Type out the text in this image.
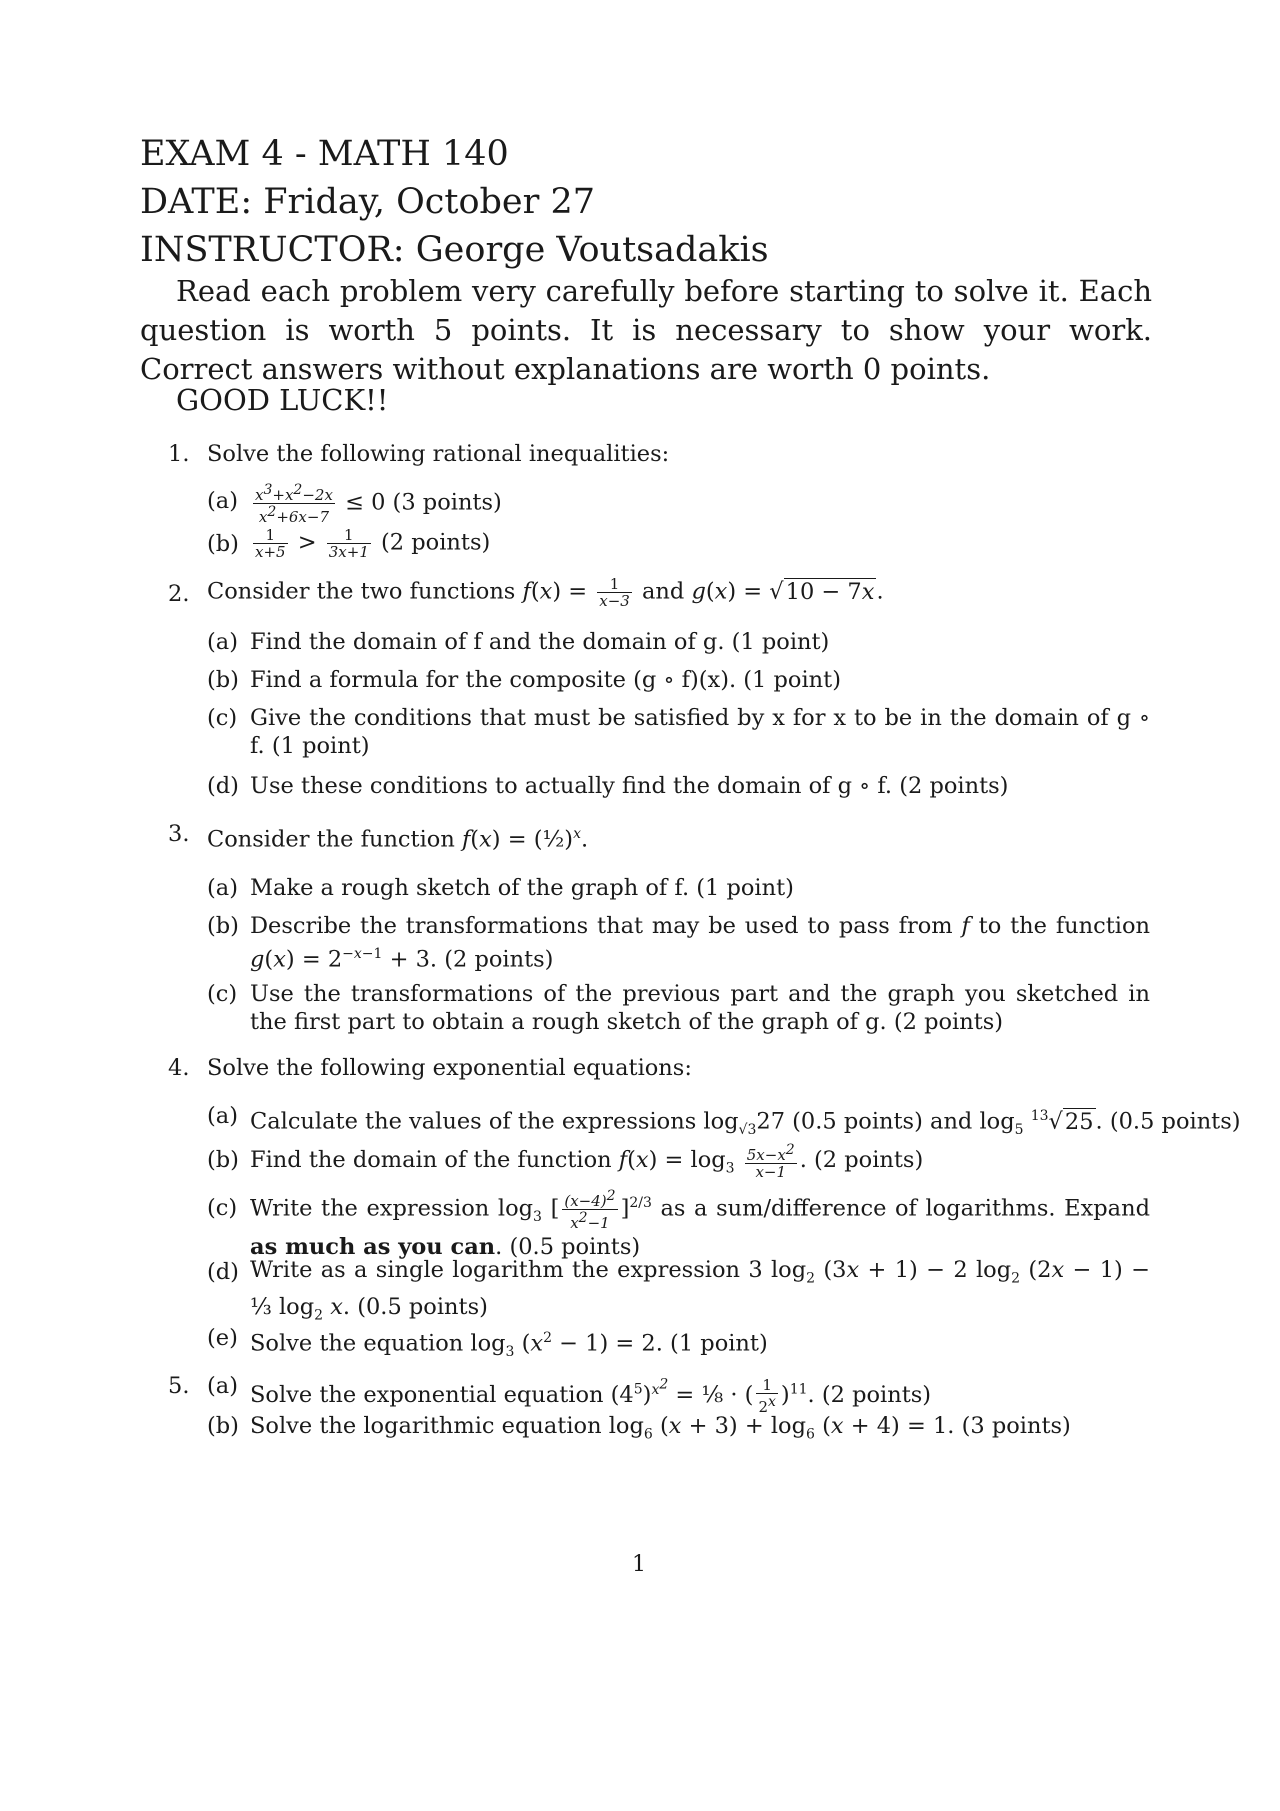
EXAM 4 - MATH 140
DATE: Friday, October 27
INSTRUCTOR: George Voutsadakis
Read each problem very carefully before starting to solve it. Each question is worth 5 points. It is necessary to show your work. Correct answers without explanations are worth 0 points.
GOOD LUCK!!
1. Solve the following rational inequalities:
$(a) \frac{x^3+x^2-2x}{x^2+6x-7} \le 0$ (3 points)
$(b) \frac{1}{x+5} > \frac{1}{3x+1} (2$ points)
2. Consider the two functions $f(x) = \frac{1}{x-3}$ and g(x) = √10 − 7x.
(a) Find the domain of f and the domain of g. (1 point)
(b) Find a formula for the composite (g ∘ f)(x). (1 point)
(c) Give the conditions that must be satisfied by x for x to be in the domain of g ∘ f. (1 point)
(d) Use these conditions to actually find the domain of g ∘ f. (2 points)
3. Consider the function f(x) = (½)$^x$.
(a) Make a rough sketch of the graph of f. (1 point)
(b) Describe the transformations that may be used to pass from f to the function $g(x) = 2^{-x-1} + 3$. (2 points)
(c) Use the transformations of the previous part and the graph you sketched in the first part to obtain a rough sketch of the graph of g. (2 points)
4. Solve the following exponential equations:
(a) Calculate the values of the expressions $\log_{√3}27$ (0.5 points) and $\log_5 ^{13}√25$. (0.5 points)
(b) Find the domain of the function $f(x) = \log_3 \frac{5x-x^2}{x-1}$ . (2 points)
(c) Write the expression $\log_3$ [ $\frac{(x-4)^2}{x^2-1} ]^{2/3}$ as a sum/difference of logarithms. Expand as much as you can. (0.5 points)
(d) Write as a single logarithm the expression 3 $\log_2 (3x + 1) - 2$ $\log_2 (2x - 1)$ − ⅓ $\log_2 x$. (0.5 points)
(e) Solve the equation $\log_3 (x^2 - 1) = 2$. (1 point)
5. (a) Solve the exponential equation $(4^5)^{x^2}$ = ⅛ · ( $\frac{1}{2^x} )^{11}$. (2 points)
(b) Solve the logarithmic equation $\log_6 (x + 3) + \log_6 (x + 4) = 1$. (3 points)
1
